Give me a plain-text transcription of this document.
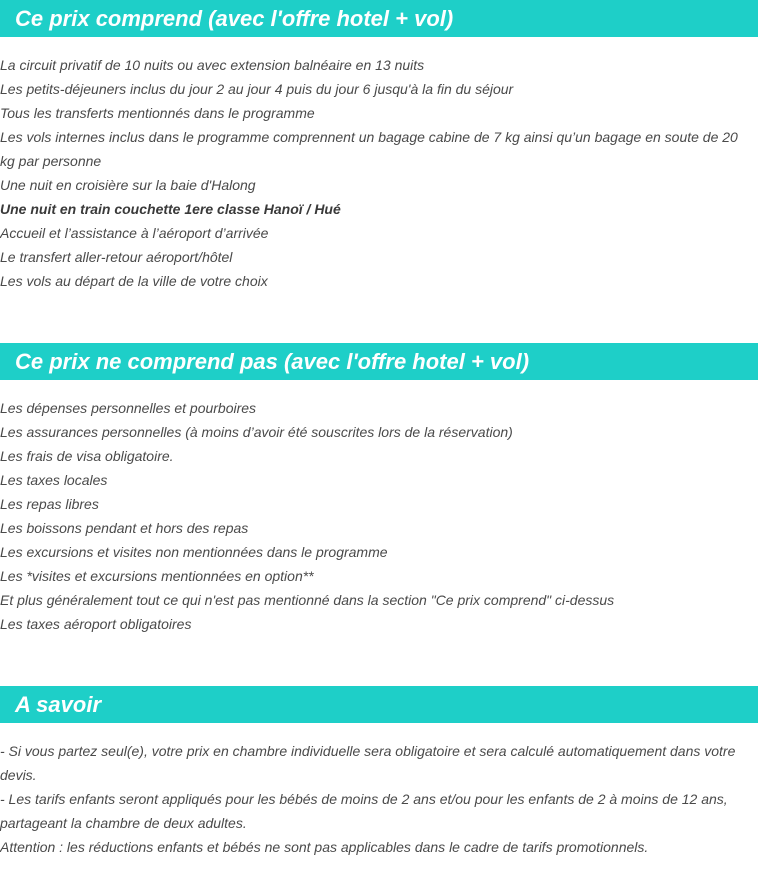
Ce prix comprend (avec l'offre hotel + vol)
La circuit privatif de 10 nuits ou avec extension balnéaire en 13 nuits
Les petits-déjeuners inclus du jour 2 au jour 4 puis du jour 6 jusqu'à la fin du séjour
Tous les transferts mentionnés dans le programme
Les vols internes inclus dans le programme comprennent un bagage cabine de 7 kg ainsi qu’un bagage en soute de 20 kg par personne
Une nuit en croisière sur la baie d'Halong
Une nuit en train couchette 1ere classe Hanoï / Hué
Accueil et l’assistance à l’aéroport d’arrivée
Le transfert aller-retour aéroport/hôtel
Les vols au départ de la ville de votre choix
Ce prix ne comprend pas (avec l'offre hotel + vol)
Les dépenses personnelles et pourboires
Les assurances personnelles (à moins d’avoir été souscrites lors de la réservation)
Les frais de visa obligatoire.
Les taxes locales
Les repas libres
Les boissons pendant et hors des repas
Les excursions et visites non mentionnées dans le programme
Les *visites et excursions mentionnées en option**
Et plus généralement tout ce qui n'est pas mentionné dans la section "Ce prix comprend" ci-dessus
Les taxes aéroport obligatoires
A savoir
- Si vous partez seul(e), votre prix en chambre individuelle sera obligatoire et sera calculé automatiquement dans votre devis.
- Les tarifs enfants seront appliqués pour les bébés de moins de 2 ans et/ou pour les enfants de 2 à moins de 12 ans, partageant la chambre de deux adultes.
Attention : les réductions enfants et bébés ne sont pas applicables dans le cadre de tarifs promotionnels.
